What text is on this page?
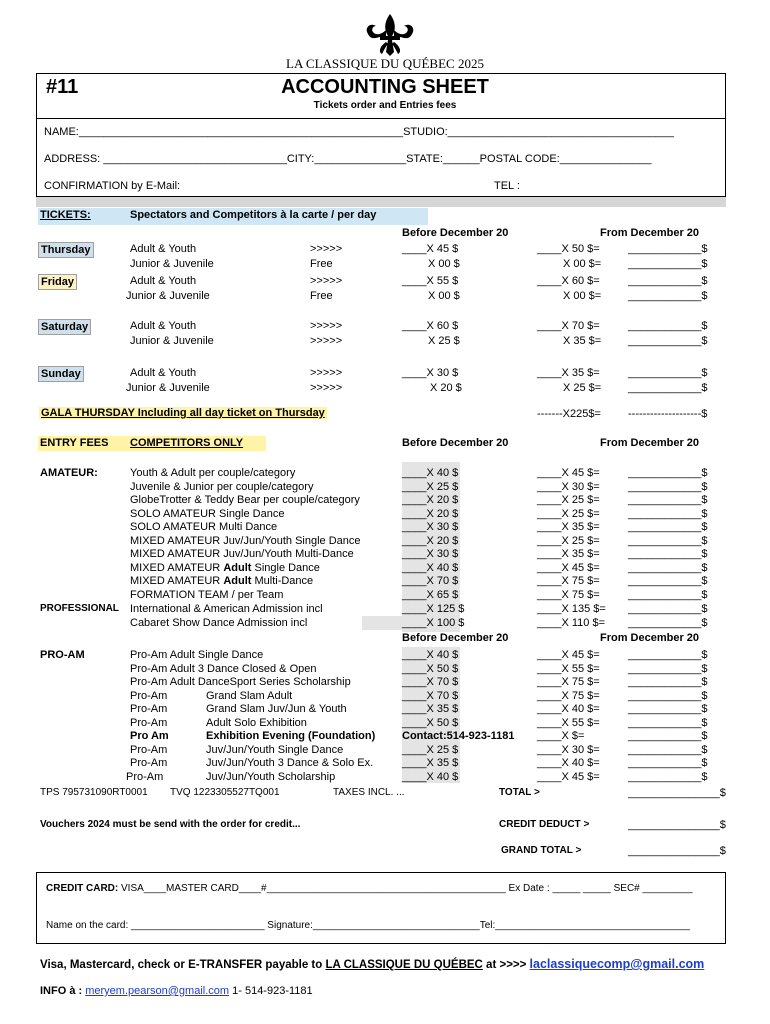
LA CLASSIQUE DU QUÉBEC 2025
#11	ACCOUNTING SHEET
Tickets order and Entries fees
NAME:_____________________________________________________STUDIO:_____________________________________
ADDRESS: ______________________________CITY:_______________STATE:______POSTAL CODE:_______________
CONFIRMATION by E-Mail:	TEL :
TICKETS:	Spectators and Competitors à la carte / per day
Before December 20	From December 20
Thursday	Adult & Youth	>>>>>	____X 45 $	____X 50 $=	____________$
Junior & Juvenile	Free	X 00 $	X 00 $= ____________$
Friday	Adult & Youth	>>>>>	____X 55 $	____X 60 $=	____________$
Junior & Juvenile	Free	X 00 $	X 00 $= ____________$
Saturday	Adult & Youth	>>>>>	____X 60 $	____X 70 $=	____________$
Junior & Juvenile	>>>>>	X 25 $	X 35 $= ____________$
Sunday	Adult & Youth	>>>>>	____X 30 $	____X 35 $=	____________$
Junior & Juvenile	>>>>>	X 20 $	X 25 $= ____________$
GALA THURSDAY Including all day ticket on Thursday	-------X225$= --------------------$
ENTRY FEES COMPETITORS ONLY	Before December 20	From December 20
AMATEUR:	Youth & Adult per couple/category	____X 40 $	____X 45 $=	____________$
Juvenile & Junior per couple/category	____X 25 $	____X 30 $=	____________$
GlobeTrotter & Teddy Bear per couple/category	____X 20 $	____X 25 $=	____________$
SOLO AMATEUR Single Dance	____X 20 $	____X 25 $=	____________$
SOLO AMATEUR Multi Dance	____X 30 $	____X 35 $=	____________$
MIXED AMATEUR Juv/Jun/Youth Single Dance	____X 20 $	____X 25 $=	____________$
MIXED AMATEUR Juv/Jun/Youth Multi-Dance	____X 30 $	____X 35 $=	____________$
MIXED AMATEUR Adult Single Dance	____X 40 $	____X 45 $=	____________$
MIXED AMATEUR Adult Multi-Dance	____X 70 $	____X 75 $=	____________$
FORMATION TEAM / per Team	____X 65 $	____X 75 $=	____________$
PROFESSIONAL International & American Admission incl	____X 125 $	____X 135 $= ____________$
Cabaret Show Dance Admission incl	____X 100 $	____X 110 $= ____________$
Before December 20	From December 20
PRO-AM	Pro-Am Adult Single Dance	____X 40 $	____X 45 $=	____________$
Pro-Am Adult 3 Dance Closed & Open	____X 50 $	____X 55 $=	____________$
Pro-Am Adult DanceSport Series Scholarship	____X 70 $	____X 75 $=	____________$
Pro-Am	Grand Slam Adult	____X 70 $	____X 75 $=	____________$
Pro-Am	Grand Slam Juv/Jun & Youth	____X 35 $	____X 40 $=	____________$
Pro-Am	Adult Solo Exhibition	____X 50 $	____X 55 $=	____________$
Pro Am	Exhibition Evening (Foundation) Contact:514-923-1181 ____X $=	____________$
Pro-Am	Juv/Jun/Youth Single Dance	____X 25 $	____X 30 $=	____________$
Pro-Am	Juv/Jun/Youth 3 Dance & Solo Ex.	____X 35 $	____X 40 $=	____________$
Pro-Am	Juv/Jun/Youth Scholarship	____X 40 $	____X 45 $=	____________$
TPS 795731090RT0001 TVQ 1223305527TQ001	TAXES INCL. ...	TOTAL >	_______________$
Vouchers 2024 must be send with the order for credit...	CREDIT DEDUCT >	_______________$
GRAND TOTAL >	_______________$
CREDIT CARD: VISA____MASTER CARD____#___________________________________________ Ex Date : _____ _____ SEC# _________
Name on the card: ________________________ Signature:______________________________Tel:___________________________________
Visa, Mastercard, check or E-TRANSFER payable to LA CLASSIQUE DU QUÉBEC at >>>> laclassiquecomp@gmail.com
INFO à : meryem.pearson@gmail.com 1- 514-923-1181
